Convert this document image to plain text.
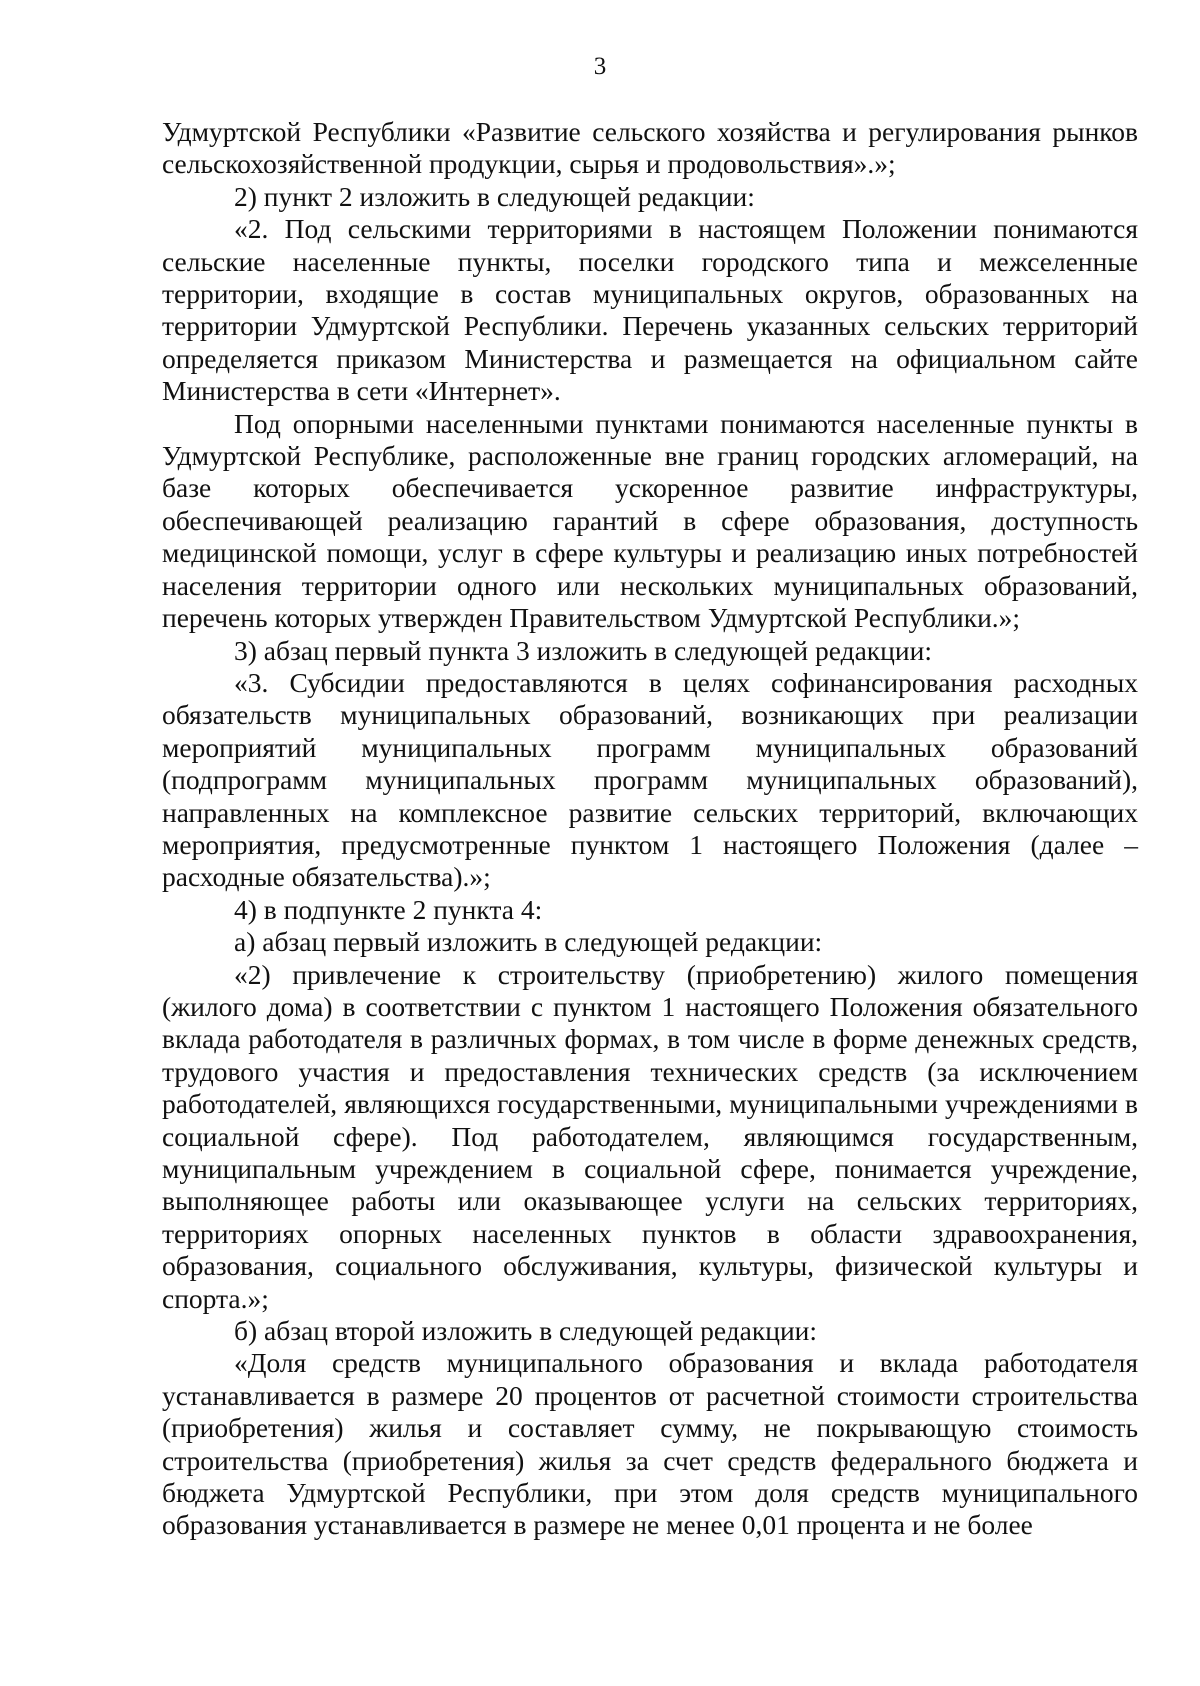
3

Удмуртской Республики «Развитие сельского хозяйства и регулирования рынков сельскохозяйственной продукции, сырья и продовольствия».»;

2) пункт 2 изложить в следующей редакции:

«2. Под сельскими территориями в настоящем Положении понимаются сельские населенные пункты, поселки городского типа и межселенные территории, входящие в состав муниципальных округов, образованных на территории Удмуртской Республики. Перечень указанных сельских территорий определяется приказом Министерства и размещается на официальном сайте Министерства в сети «Интернет».

Под опорными населенными пунктами понимаются населенные пункты в Удмуртской Республике, расположенные вне границ городских агломераций, на базе которых обеспечивается ускоренное развитие инфраструктуры, обеспечивающей реализацию гарантий в сфере образования, доступность медицинской помощи, услуг в сфере культуры и реализацию иных потребностей населения территории одного или нескольких муниципальных образований, перечень которых утвержден Правительством Удмуртской Республики.»;

3) абзац первый пункта 3 изложить в следующей редакции:

«3. Субсидии предоставляются в целях софинансирования расходных обязательств муниципальных образований, возникающих при реализации мероприятий муниципальных программ муниципальных образований (подпрограмм муниципальных программ муниципальных образований), направленных на комплексное развитие сельских территорий, включающих мероприятия, предусмотренные пунктом 1 настоящего Положения (далее – расходные обязательства).»;

4) в подпункте 2 пункта 4:

а) абзац первый изложить в следующей редакции:

«2) привлечение к строительству (приобретению) жилого помещения (жилого дома) в соответствии с пунктом 1 настоящего Положения обязательного вклада работодателя в различных формах, в том числе в форме денежных средств, трудового участия и предоставления технических средств (за исключением работодателей, являющихся государственными, муниципальными учреждениями в социальной сфере). Под работодателем, являющимся государственным, муниципальным учреждением в социальной сфере, понимается учреждение, выполняющее работы или оказывающее услуги на сельских территориях, территориях опорных населенных пунктов в области здравоохранения, образования, социального обслуживания, культуры, физической культуры и спорта.»;

б) абзац второй изложить в следующей редакции:

«Доля средств муниципального образования и вклада работодателя устанавливается в размере 20 процентов от расчетной стоимости строительства (приобретения) жилья и составляет сумму, не покрывающую стоимость строительства (приобретения) жилья за счет средств федерального бюджета и бюджета Удмуртской Республики, при этом доля средств муниципального образования устанавливается в размере не менее 0,01 процента и не более
